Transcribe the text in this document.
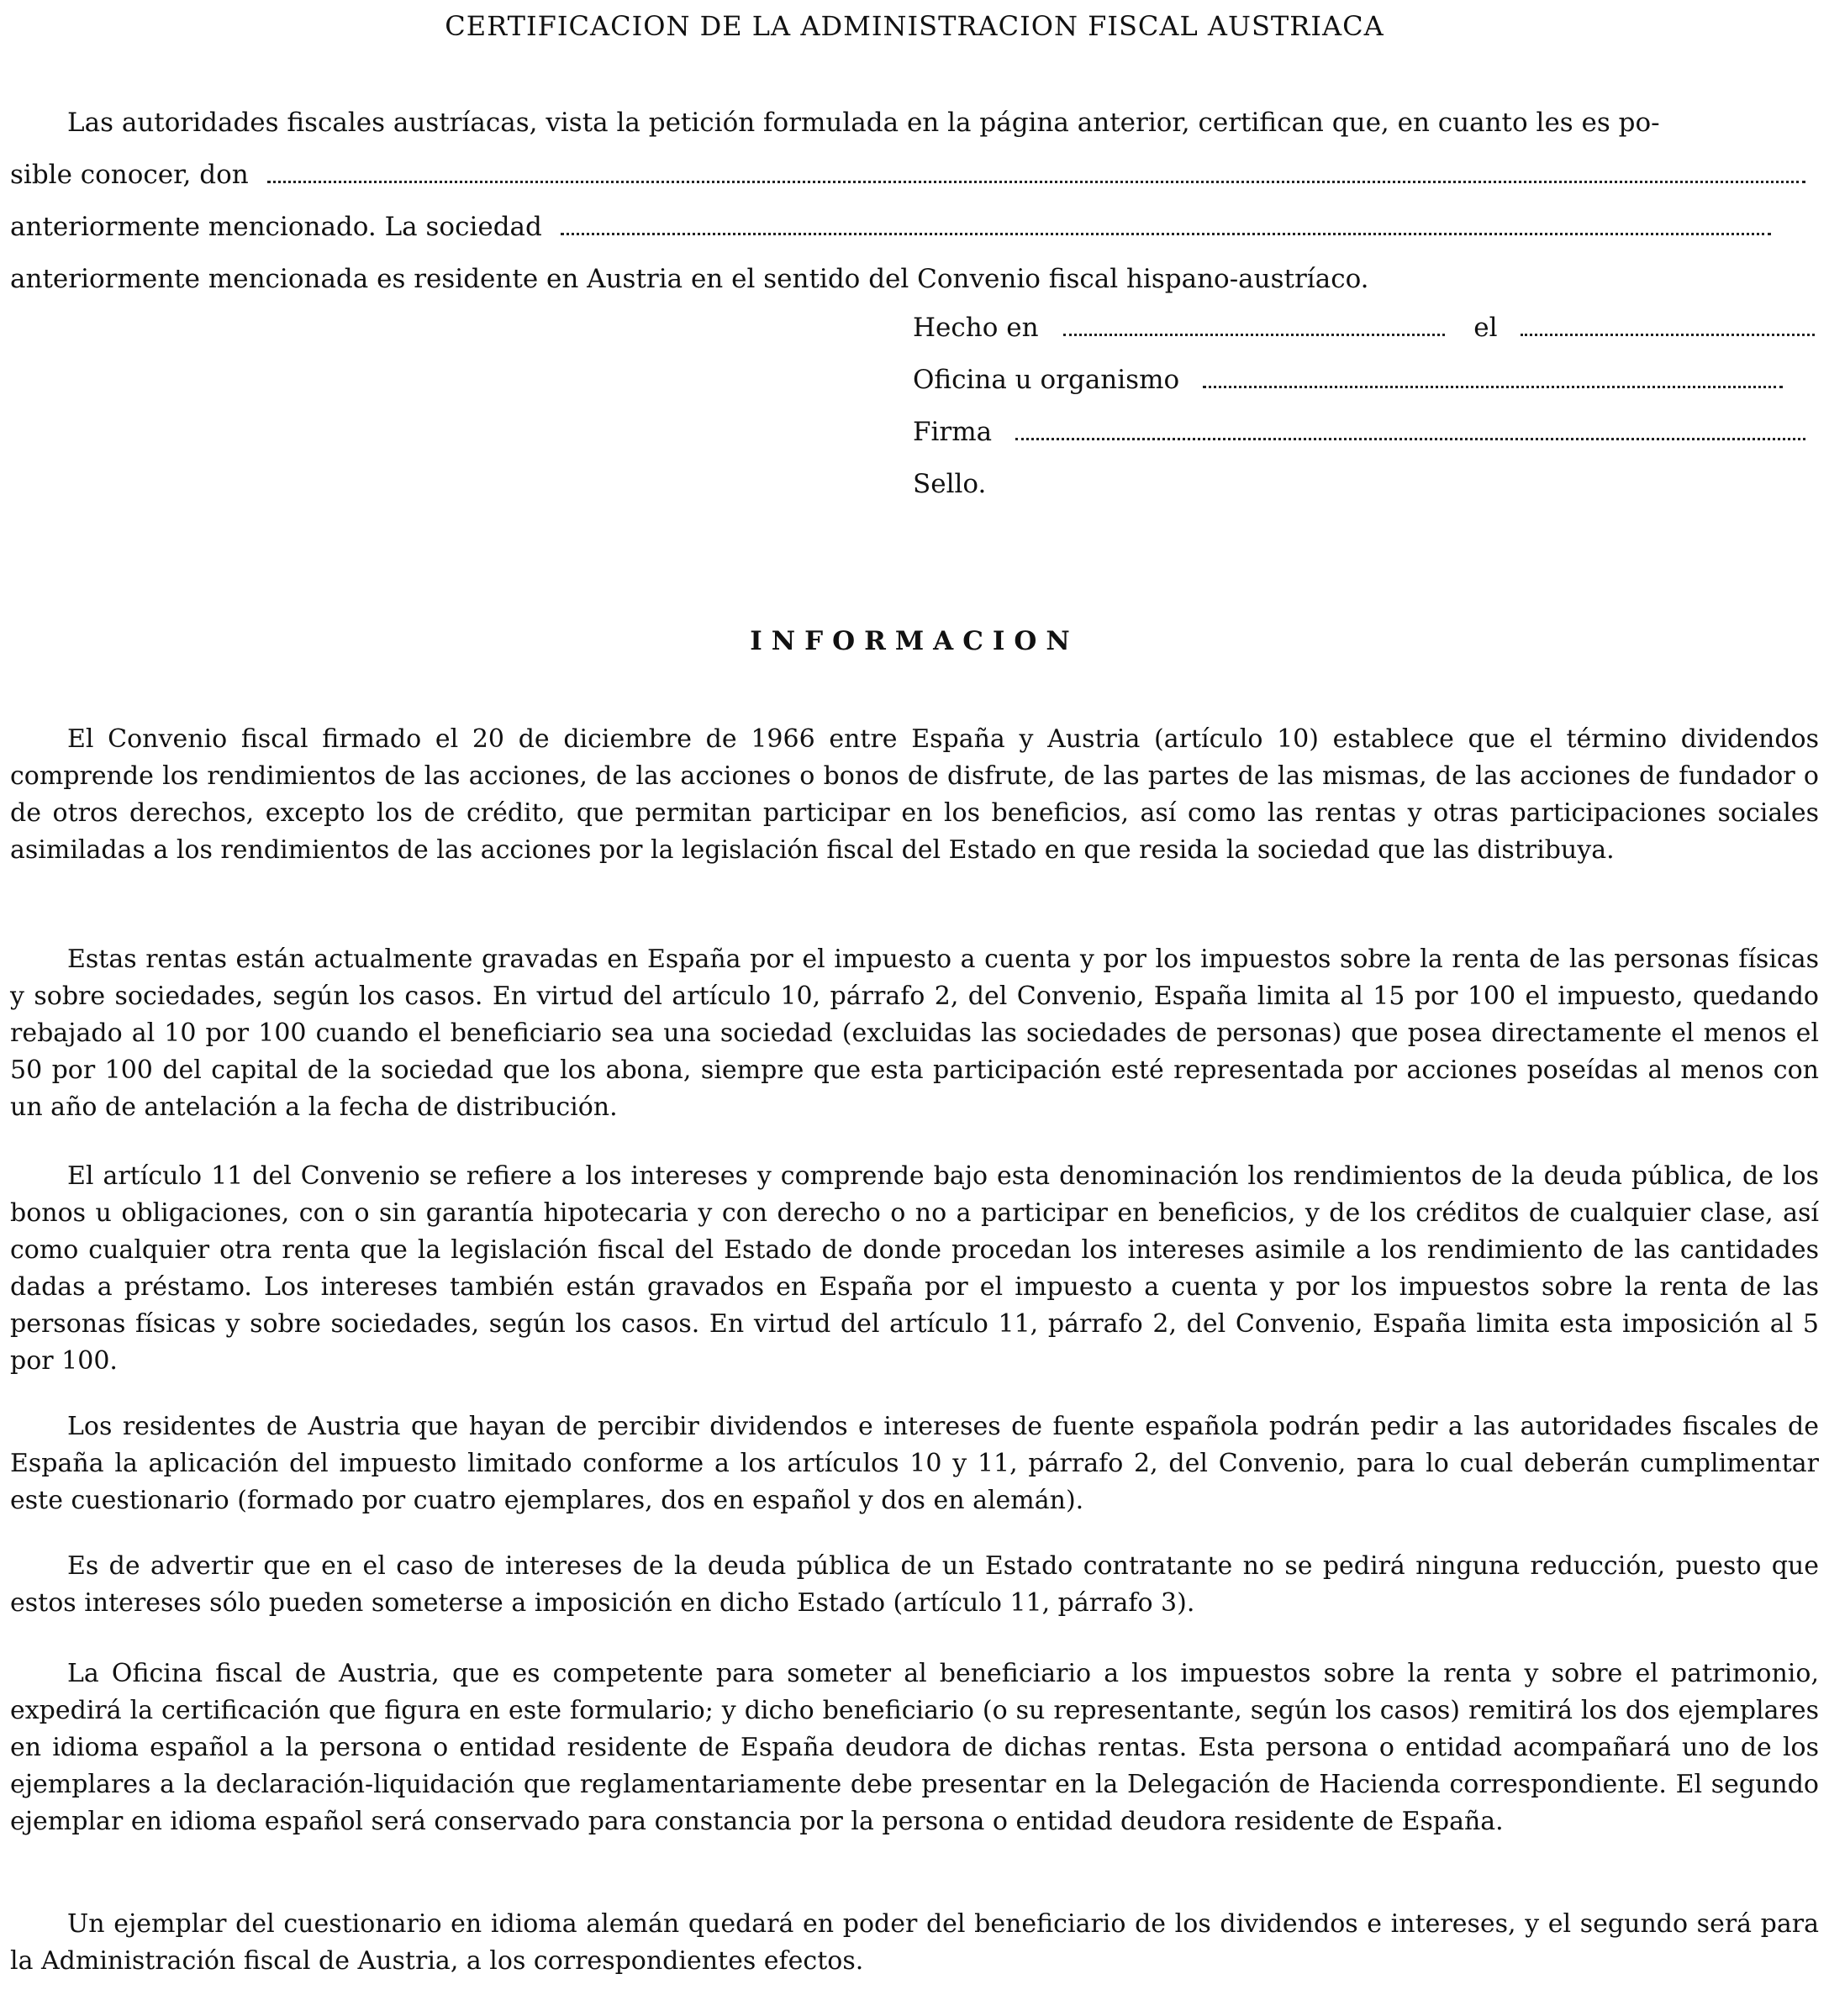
CERTIFICACION DE LA ADMINISTRACION FISCAL AUSTRIACA
Las autoridades fiscales austríacas, vista la petición formulada en la página anterior, certifican que, en cuanto les es po-
sible conocer, don
anteriormente mencionado. La sociedad
anteriormente mencionada es residente en Austria en el sentido del Convenio fiscal hispano-austríaco.
Hecho en	el
Oficina u organismo
Firma
Sello.
INFORMACION
El Convenio fiscal firmado el 20 de diciembre de 1966 entre España y Austria (artículo 10) establece que el término dividendos comprende los rendimientos de las acciones, de las acciones o bonos de disfrute, de las partes de las mismas, de las acciones de fundador o de otros derechos, excepto los de crédito, que permitan participar en los beneficios, así como las rentas y otras participaciones sociales asimiladas a los rendimientos de las acciones por la legislación fiscal del Estado en que resida la sociedad que las distribuya.
Estas rentas están actualmente gravadas en España por el impuesto a cuenta y por los impuestos sobre la renta de las personas físicas y sobre sociedades, según los casos. En virtud del artículo 10, párrafo 2, del Convenio, España limita al 15 por 100 el impuesto, quedando rebajado al 10 por 100 cuando el beneficiario sea una sociedad (excluidas las sociedades de personas) que posea directamente el menos el 50 por 100 del capital de la sociedad que los abona, siempre que esta participación esté representada por acciones poseídas al menos con un año de antelación a la fecha de distribución.
El artículo 11 del Convenio se refiere a los intereses y comprende bajo esta denominación los rendimientos de la deuda pública, de los bonos u obligaciones, con o sin garantía hipotecaria y con derecho o no a participar en beneficios, y de los créditos de cualquier clase, así como cualquier otra renta que la legislación fiscal del Estado de donde procedan los intereses asimile a los rendimiento de las cantidades dadas a préstamo. Los intereses también están gravados en España por el impuesto a cuenta y por los impuestos sobre la renta de las personas físicas y sobre sociedades, según los casos. En virtud del artículo 11, párrafo 2, del Convenio, España limita esta imposición al 5 por 100.
Los residentes de Austria que hayan de percibir dividendos e intereses de fuente española podrán pedir a las autoridades fiscales de España la aplicación del impuesto limitado conforme a los artículos 10 y 11, párrafo 2, del Convenio, para lo cual deberán cumplimentar este cuestionario (formado por cuatro ejemplares, dos en español y dos en alemán).
Es de advertir que en el caso de intereses de la deuda pública de un Estado contratante no se pedirá ninguna reducción, puesto que estos intereses sólo pueden someterse a imposición en dicho Estado (artículo 11, párrafo 3).
La Oficina fiscal de Austria, que es competente para someter al beneficiario a los impuestos sobre la renta y sobre el patrimonio, expedirá la certificación que figura en este formulario; y dicho beneficiario (o su representante, según los casos) remitirá los dos ejemplares en idioma español a la persona o entidad residente de España deudora de dichas rentas. Esta persona o entidad acompañará uno de los ejemplares a la declaración-liquidación que reglamentariamente debe presentar en la Delegación de Hacienda correspondiente. El segundo ejemplar en idioma español será conservado para constancia por la persona o entidad deudora residente de España.
Un ejemplar del cuestionario en idioma alemán quedará en poder del beneficiario de los dividendos e intereses, y el segundo será para la Administración fiscal de Austria, a los correspondientes efectos.
